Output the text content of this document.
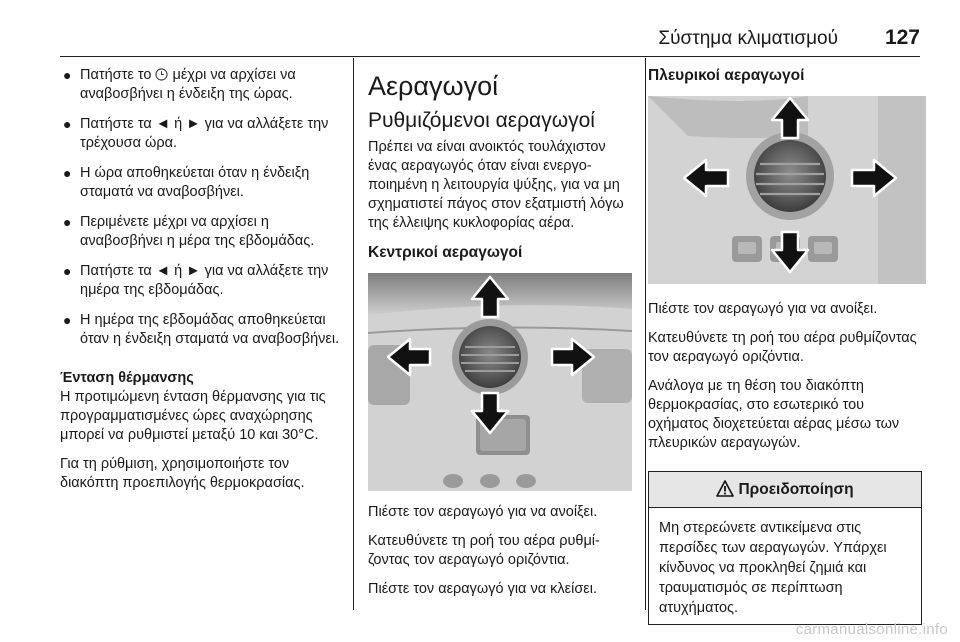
Σύστημα κλιματισμού 127
● Πατήστε το  μέχρι να αρχίσει να αναβοσβήνει η ένδειξη της ώρας.
● Πατήστε τα ◄ ή ► για να αλλάξετε την τρέχουσα ώρα.
● Η ώρα αποθηκεύεται όταν η ένδειξη σταματά να αναβοσβήνει.
● Περιμένετε μέχρι να αρχίσει η αναβοσβήνει η μέρα της εβδομάδας.
● Πατήστε τα ◄ ή ► για να αλλάξετε την ημέρα της εβδομάδας.
● Η ημέρα της εβδομάδας αποθηκεύεται όταν η ένδειξη σταματά να αναβοσβήνει.
Ένταση θέρμανσης

Η προτιμώμενη ένταση θέρμανσης για τις προγραμματισμένες ώρες αναχώρησης μπορεί να ρυθμιστεί μεταξύ 10 και 30°C.

Για τη ρύθμιση, χρησιμοποιήστε τον διακόπτη προεπιλογής θερμοκρασίας.

Αεραγωγοί
Ρυθμιζόμενοι αεραγωγοί

Πρέπει να είναι ανοικτός τουλάχιστον ένας αεραγωγός όταν είναι ενεργοποιημένη η λειτουργία ψύξης, για να μη σχηματιστεί πάγος στον εξατμιστή λόγω της έλλειψης κυκλοφορίας αέρα.

Κεντρικοί αεραγωγοί

Πιέστε τον αεραγωγό για να ανοίξει.

Κατευθύνετε τη ροή του αέρα ρυθμίζοντας τον αεραγωγό οριζόντια.

Πιέστε τον αεραγωγό για να κλείσει.

Πλευρικοί αεραγωγοί

Πιέστε τον αεραγωγό για να ανοίξει.

Κατευθύνετε τη ροή του αέρα ρυθμίζοντας τον αεραγωγό οριζόντια.

Ανάλογα με τη θέση του διακόπτη θερμοκρασίας, στο εσωτερικό του οχήματος διοχετεύεται αέρας μέσω των πλευρικών αεραγωγών.

Προειδοποίηση

Μη στερεώνετε αντικείμενα στις περσίδες των αεραγωγών. Υπάρχει κίνδυνος να προκληθεί ζημιά και τραυματισμός σε περίπτωση ατυχήματος.

carmanualsonline.info
